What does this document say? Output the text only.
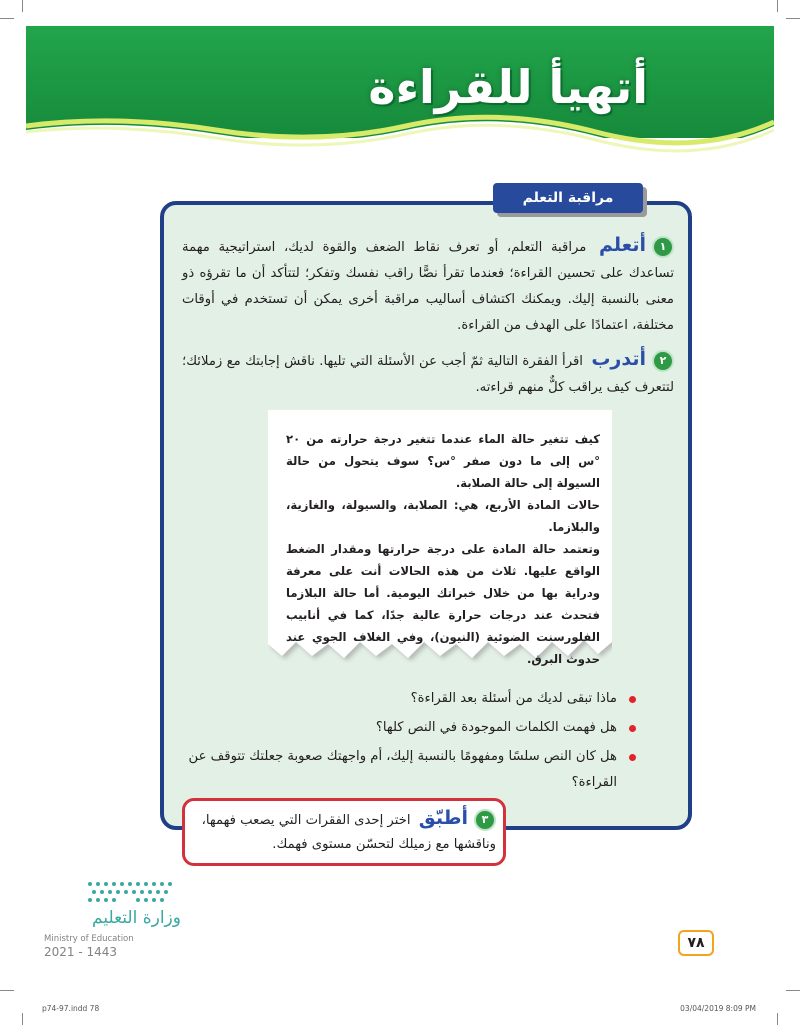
أتهيأ للقراءة
مراقبة التعلم
١أتعلم مراقبة التعلم، أو تعرف نقاط الضعف والقوة لديك، استراتيجية مهمة تساعدك على تحسين القراءة؛ فعندما تقرأ نصًّا راقب نفسك وتفكر؛ لتتأكد أن ما تقرؤه ذو معنى بالنسبة إليك. ويمكنك اكتشاف أساليب مراقبة أخرى يمكن أن تستخدم في أوقات مختلفة، اعتمادًا على الهدف من القراءة.
٢أتدرب اقرأ الفقرة التالية ثمّ أجب عن الأسئلة التي تليها. ناقش إجابتك مع زملائك؛ لتتعرف كيف يراقب كلٌّ منهم قراءته.

كيف تتغير حالة الماء عندما تتغير درجة حرارته من ٢٠ °س إلى ما دون صفر °س؟ سوف يتحول من حالة السيولة إلى حالة الصلابة.

حالات المادة الأربع، هي: الصلابة، والسيولة، والغازية، والبلازما.

وتعتمد حالة المادة على درجة حرارتها ومقدار الضغط الواقع عليها. ثلاث من هذه الحالات أنت على معرفة ودراية بها من خلال خبراتك اليومية. أما حالة البلازما فتحدث عند درجات حرارة عالية جدًا، كما في أنابيب الفلورسنت الضوئية (النيون)، وفي الغلاف الجوي عند حدوث البرق.

ماذا تبقى لديك من أسئلة بعد القراءة؟
هل فهمت الكلمات الموجودة في النص كلها؟
هل كان النص سلسًا ومفهومًا بالنسبة إليك، أم واجهتك صعوبة جعلتك تتوقف عن القراءة؟
٣أطبّق اختر إحدى الفقرات التي يصعب فهمها، وناقشها مع زميلك لتحسّن مستوى فهمك.
وزارة التعليم
Ministry of Education
2021 - 1443
٧٨
p74-97.indd 78	03/04/2019 8:09 PM
